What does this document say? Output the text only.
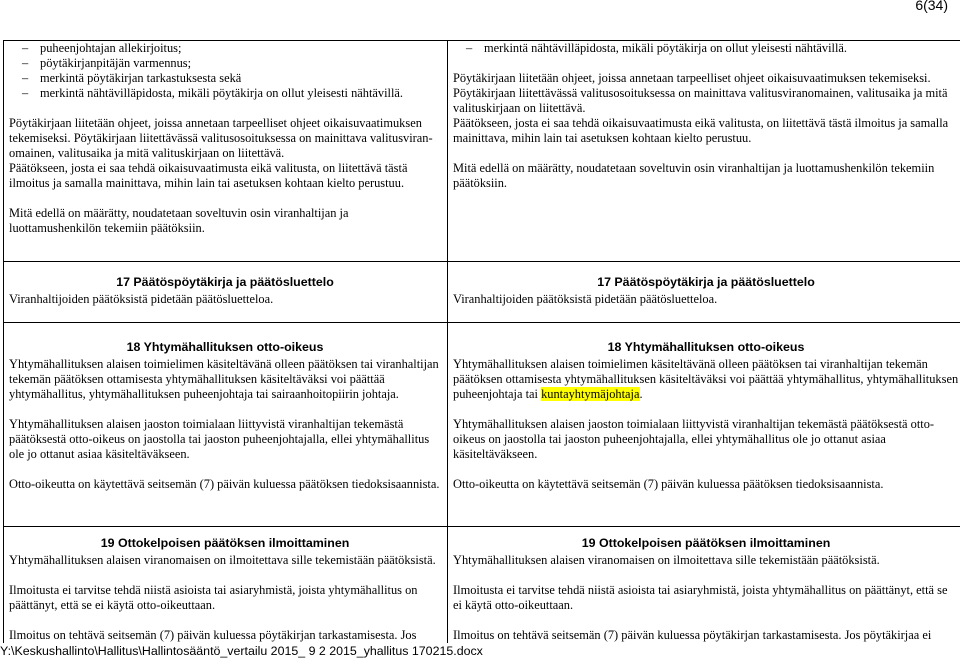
6(34)
– puheenjohtajan allekirjoitus;
– pöytäkirjanpitäjän varmennus;
– merkintä pöytäkirjan tarkastuksesta sekä
– merkintä nähtävilläpidosta, mikäli pöytäkirja on ollut yleisesti nähtävillä.

Pöytäkirjaan liitetään ohjeet, joissa annetaan tarpeelliset ohjeet oikaisuvaatimuksen tekemiseksi. Pöytäkirjaan liitettävässä valitusosoituksessa on mainittava valitusviran-omainen, valitusaika ja mitä valituskirjaan on liitettävä.

Päätökseen, josta ei saa tehdä oikaisuvaatimusta eikä valitusta, on liitettävä tästä ilmoitus ja samalla mainittava, mihin lain tai asetuksen kohtaan kielto perustuu.

Mitä edellä on määrätty, noudatetaan soveltuvin osin viranhaltijan ja luottamushenkilön tekemiin päätöksiin.

– merkintä nähtävilläpidosta, mikäli pöytäkirja on ollut yleisesti nähtävillä.

Pöytäkirjaan liitetään ohjeet, joissa annetaan tarpeelliset ohjeet oikaisuvaatimuksen tekemiseksi. Pöytäkirjaan liitettävässä valitusosoituksessa on mainittava valitusviranomainen, valitusaika ja mitä valituskirjaan on liitettävä.

Päätökseen, josta ei saa tehdä oikaisuvaatimusta eikä valitusta, on liitettävä tästä ilmoitus ja samalla mainittava, mihin lain tai asetuksen kohtaan kielto perustuu.

Mitä edellä on määrätty, noudatetaan soveltuvin osin viranhaltijan ja luottamushenkilön tekemiin päätöksiin.

17 Päätöspöytäkirja ja päätösluettelo

Viranhaltijoiden päätöksistä pidetään päätösluetteloa.

17 Päätöspöytäkirja ja päätösluettelo

Viranhaltijoiden päätöksistä pidetään päätösluetteloa.

18 Yhtymähallituksen otto-oikeus

Yhtymähallituksen alaisen toimielimen käsiteltävänä olleen päätöksen tai viranhaltijan tekemän päätöksen ottamisesta yhtymähallituksen käsiteltäväksi voi päättää yhtymähallitus, yhtymähallituksen puheenjohtaja tai sairaanhoitopiirin johtaja.

Yhtymähallituksen alaisen jaoston toimialaan liittyvistä viranhaltijan tekemästä päätöksestä otto-oikeus on jaostolla tai jaoston puheenjohtajalla, ellei yhtymähallitus ole jo ottanut asiaa käsiteltäväkseen.

Otto-oikeutta on käytettävä seitsemän (7) päivän kuluessa päätöksen tiedoksisaannista.

18 Yhtymähallituksen otto-oikeus

Yhtymähallituksen alaisen toimielimen käsiteltävänä olleen päätöksen tai viranhaltijan tekemän päätöksen ottamisesta yhtymähallituksen käsiteltäväksi voi päättää yhtymähallitus, yhtymähallituksen puheenjohtaja tai kuntayhtymäjohtaja.

Yhtymähallituksen alaisen jaoston toimialaan liittyvistä viranhaltijan tekemästä päätöksestä otto-oikeus on jaostolla tai jaoston puheenjohtajalla, ellei yhtymähallitus ole jo ottanut asiaa käsiteltäväkseen.

Otto-oikeutta on käytettävä seitsemän (7) päivän kuluessa päätöksen tiedoksisaannista.

19 Ottokelpoisen päätöksen ilmoittaminen

Yhtymähallituksen alaisen viranomaisen on ilmoitettava sille tekemistään päätöksistä.

Ilmoitusta ei tarvitse tehdä niistä asioista tai asiaryhmistä, joista yhtymähallitus on päättänyt, että se ei käytä otto-oikeuttaan.

Ilmoitus on tehtävä seitsemän (7) päivän kuluessa pöytäkirjan tarkastamisesta. Jos

19 Ottokelpoisen päätöksen ilmoittaminen

Yhtymähallituksen alaisen viranomaisen on ilmoitettava sille tekemistään päätöksistä.

Ilmoitusta ei tarvitse tehdä niistä asioista tai asiaryhmistä, joista yhtymähallitus on päättänyt, että se ei käytä otto-oikeuttaan.

Ilmoitus on tehtävä seitsemän (7) päivän kuluessa pöytäkirjan tarkastamisesta. Jos pöytäkirjaa ei

Y:\Keskushallinto\Hallitus\Hallintosääntö_vertailu 2015_ 9 2 2015_yhallitus 170215.docx
